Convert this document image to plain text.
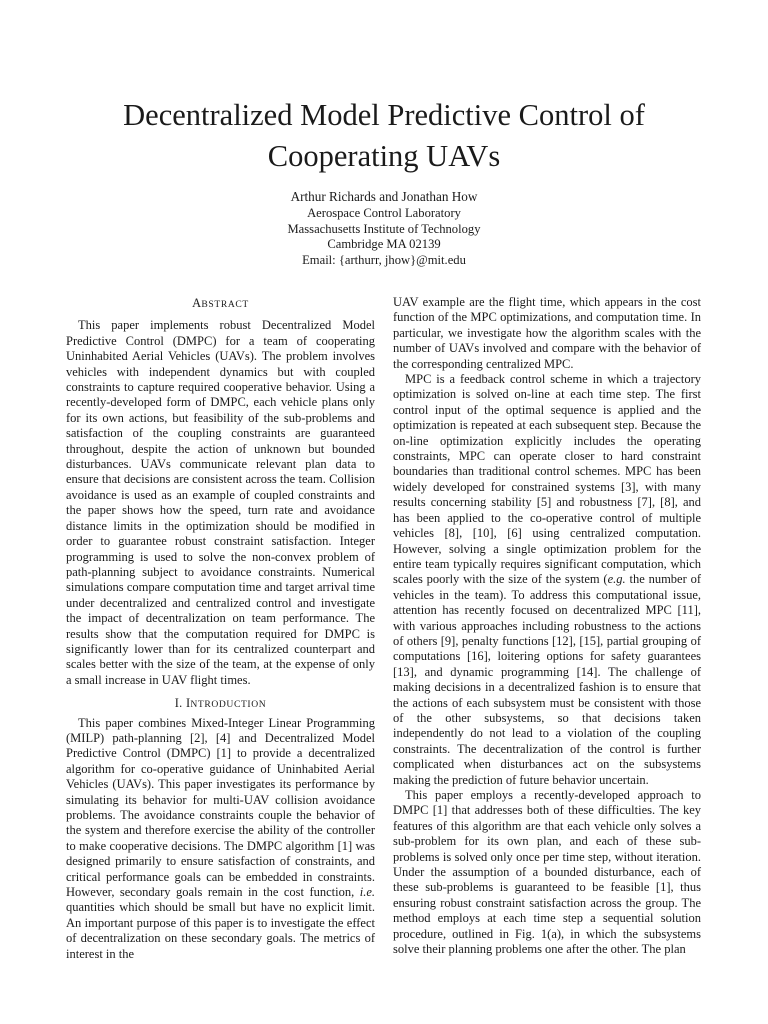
Decentralized Model Predictive Control of
Cooperating UAVs
Arthur Richards and Jonathan How
Aerospace Control Laboratory
Massachusetts Institute of Technology
Cambridge MA 02139
Email: {arthurr, jhow}@mit.edu
ABSTRACT

This paper implements robust Decentralized Model Predictive Control (DMPC) for a team of cooperating Uninhabited Aerial Vehicles (UAVs). The problem involves vehicles with independent dynamics but with coupled constraints to capture required cooperative behavior. Using a recently-developed form of DMPC, each vehicle plans only for its own actions, but feasibility of the sub-problems and satisfaction of the coupling constraints are guaranteed throughout, despite the action of unknown but bounded disturbances. UAVs communicate relevant plan data to ensure that decisions are consistent across the team. Collision avoidance is used as an example of coupled constraints and the paper shows how the speed, turn rate and avoidance distance limits in the optimization should be modified in order to guarantee robust constraint satisfaction. Integer programming is used to solve the non-convex problem of path-planning subject to avoidance constraints. Numerical simulations compare computation time and target arrival time under decentralized and centralized control and investigate the impact of decentralization on team performance. The results show that the computation required for DMPC is significantly lower than for its centralized counterpart and scales better with the size of the team, at the expense of only a small increase in UAV flight times.

I. INTRODUCTION

This paper combines Mixed-Integer Linear Programming (MILP) path-planning [2], [4] and Decentralized Model Predictive Control (DMPC) [1] to provide a decentralized algorithm for co-operative guidance of Uninhabited Aerial Vehicles (UAVs). This paper investigates its performance by simulating its behavior for multi-UAV collision avoidance problems. The avoidance constraints couple the behavior of the system and therefore exercise the ability of the controller to make cooperative decisions. The DMPC algorithm [1] was designed primarily to ensure satisfaction of constraints, and critical performance goals can be embedded in constraints. However, secondary goals remain in the cost function, i.e. quantities which should be small but have no explicit limit. An important purpose of this paper is to investigate the effect of decentralization on these secondary goals. The metrics of interest in the

UAV example are the flight time, which appears in the cost function of the MPC optimizations, and computation time. In particular, we investigate how the algorithm scales with the number of UAVs involved and compare with the behavior of the corresponding centralized MPC.

MPC is a feedback control scheme in which a trajectory optimization is solved on-line at each time step. The first control input of the optimal sequence is applied and the optimization is repeated at each subsequent step. Because the on-line optimization explicitly includes the operating constraints, MPC can operate closer to hard constraint boundaries than traditional control schemes. MPC has been widely developed for constrained systems [3], with many results concerning stability [5] and robustness [7], [8], and has been applied to the co-operative control of multiple vehicles [8], [10], [6] using centralized computation. However, solving a single optimization problem for the entire team typically requires significant computation, which scales poorly with the size of the system (e.g. the number of vehicles in the team). To address this computational issue, attention has recently focused on decentralized MPC [11], with various approaches including robustness to the actions of others [9], penalty functions [12], [15], partial grouping of computations [16], loitering options for safety guarantees [13], and dynamic programming [14]. The challenge of making decisions in a decentralized fashion is to ensure that the actions of each subsystem must be consistent with those of the other subsystems, so that decisions taken independently do not lead to a violation of the coupling constraints. The decentralization of the control is further complicated when disturbances act on the subsystems making the prediction of future behavior uncertain.

This paper employs a recently-developed approach to DMPC [1] that addresses both of these difficulties. The key features of this algorithm are that each vehicle only solves a sub-problem for its own plan, and each of these sub-problems is solved only once per time step, without iteration. Under the assumption of a bounded disturbance, each of these sub-problems is guaranteed to be feasible [1], thus ensuring robust constraint satisfaction across the group. The method employs at each time step a sequential solution procedure, outlined in Fig. 1(a), in which the subsystems solve their planning problems one after the other. The plan
